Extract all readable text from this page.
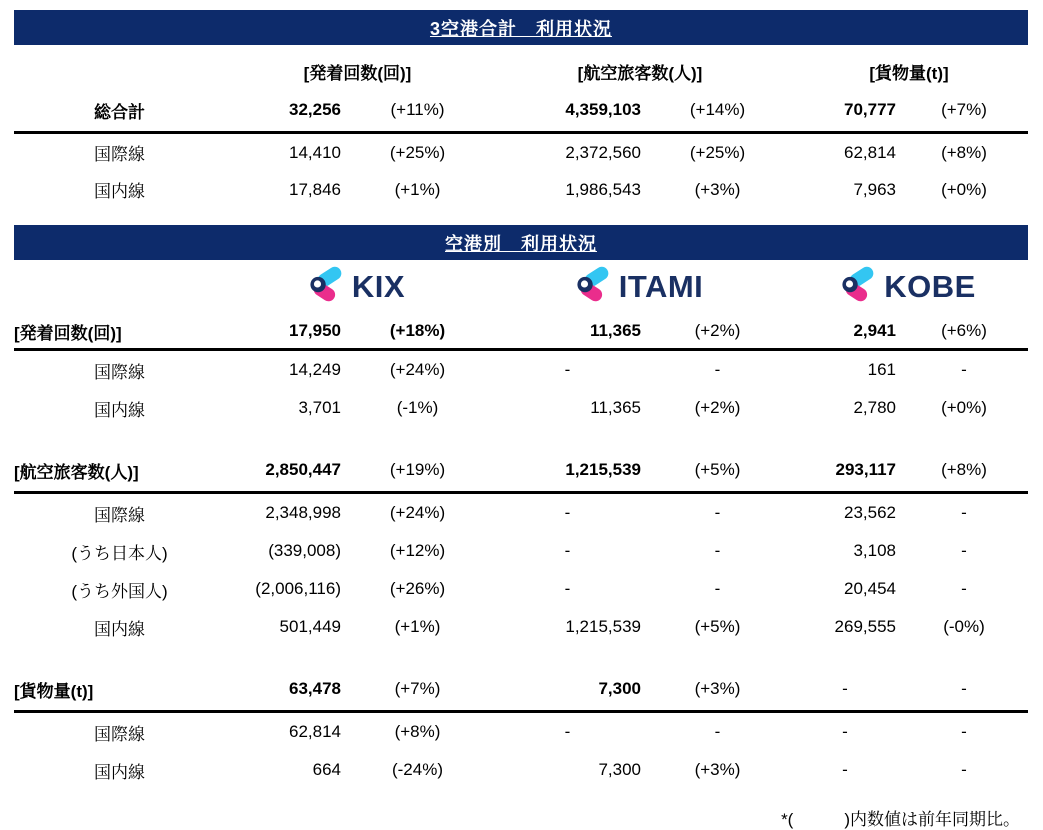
3空港合計　利用状況
[発着回数(回)]	[航空旅客数(人)]	[貨物量(t)]
総合計	32,256	(+11%)	4,359,103	(+14%)	70,777	(+7%)
国際線	14,410	(+25%)	2,372,560	(+25%)	62,814	(+8%)
国内線	17,846	(+1%)	1,986,543	(+3%)	7,963	(+0%)
空港別　利用状況
KIX	ITAMI	KOBE
[発着回数(回)]	17,950	(+18%)	11,365	(+2%)	2,941	(+6%)
国際線	14,249	(+24%)	-	-	161	-
国内線	3,701	(-1%)	11,365	(+2%)	2,780	(+0%)
[航空旅客数(人)]	2,850,447	(+19%)	1,215,539	(+5%)	293,117	(+8%)
国際線	2,348,998	(+24%)	-	-	23,562	-
(うち日本人)	(339,008)	(+12%)	-	-	3,108	-
(うち外国人)	(2,006,116)	(+26%)	-	-	20,454	-
国内線	501,449	(+1%)	1,215,539	(+5%)	269,555	(-0%)
[貨物量(t)]	63,478	(+7%)	7,300	(+3%)	-	-
国際線	62,814	(+8%)	-	-	-	-
国内線	664	(-24%)	7,300	(+3%)	-	-
*(　　　)内数値は前年同期比。
